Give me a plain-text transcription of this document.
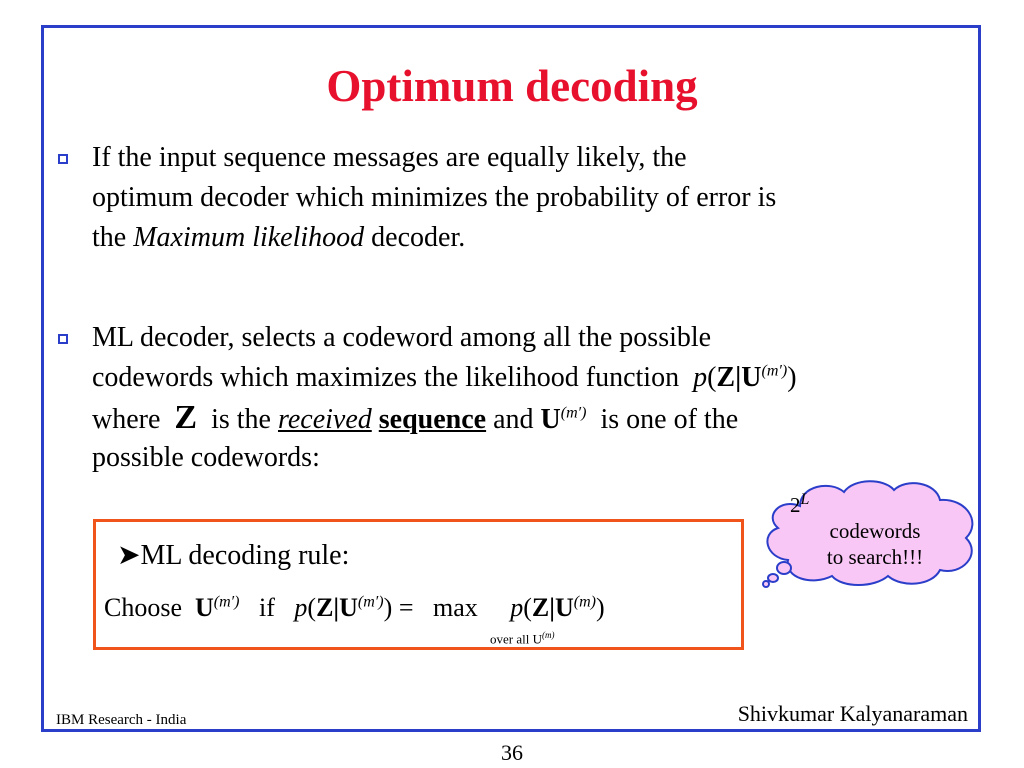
Optimum decoding
If the input sequence messages are equally likely, the
optimum decoder which minimizes the probability of error is
the Maximum likelihood decoder.
ML decoder, selects a codeword among all the possible
codewords which maximizes the likelihood function $p(Z|U^{(m')})$
where Z is the received sequence and $U^{(m')}$ is one of the
possible codewords:
$2^L$
codewords
to search!!!
➤ML decoding rule:
Choose $U^{(m')}$ if $p(Z|U^{(m')}) = \max p(Z|U^{(m)})$
over all $U^{(m)}$
IBM Research - India	Shivkumar Kalyanaraman
36
